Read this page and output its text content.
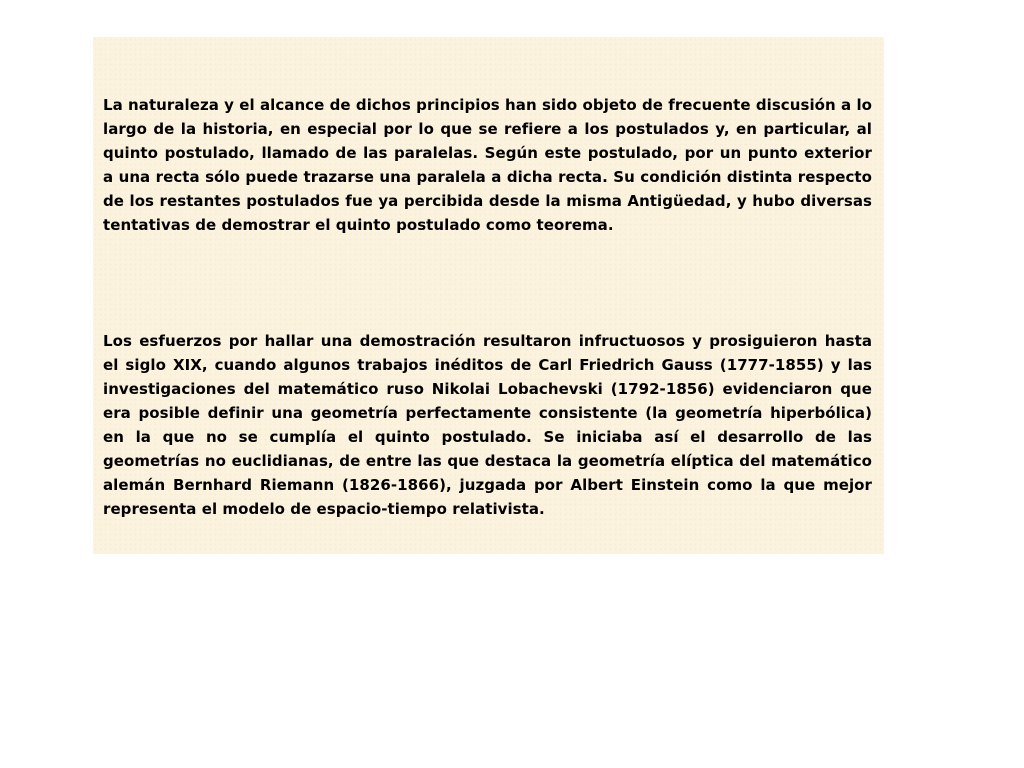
La naturaleza y el alcance de dichos principios han sido objeto de frecuente discusión a lo largo de la historia, en especial por lo que se refiere a los postulados y, en particular, al quinto postulado, llamado de las paralelas. Según este postulado, por un punto exterior a una recta sólo puede trazarse una paralela a dicha recta. Su condición distinta respecto de los restantes postulados fue ya percibida desde la misma Antigüedad, y hubo diversas tentativas de demostrar el quinto postulado como teorema.

Los esfuerzos por hallar una demostración resultaron infructuosos y prosiguieron hasta el siglo XIX, cuando algunos trabajos inéditos de Carl Friedrich Gauss (1777-1855) y las investigaciones del matemático ruso Nikolai Lobachevski (1792-1856) evidenciaron que era posible definir una geometría perfectamente consistente (la geometría hiperbólica) en la que no se cumplía el quinto postulado. Se iniciaba así el desarrollo de las geometrías no euclidianas, de entre las que destaca la geometría elíptica del matemático alemán Bernhard Riemann (1826-1866), juzgada por Albert Einstein como la que mejor representa el modelo de espacio-tiempo relativista.
